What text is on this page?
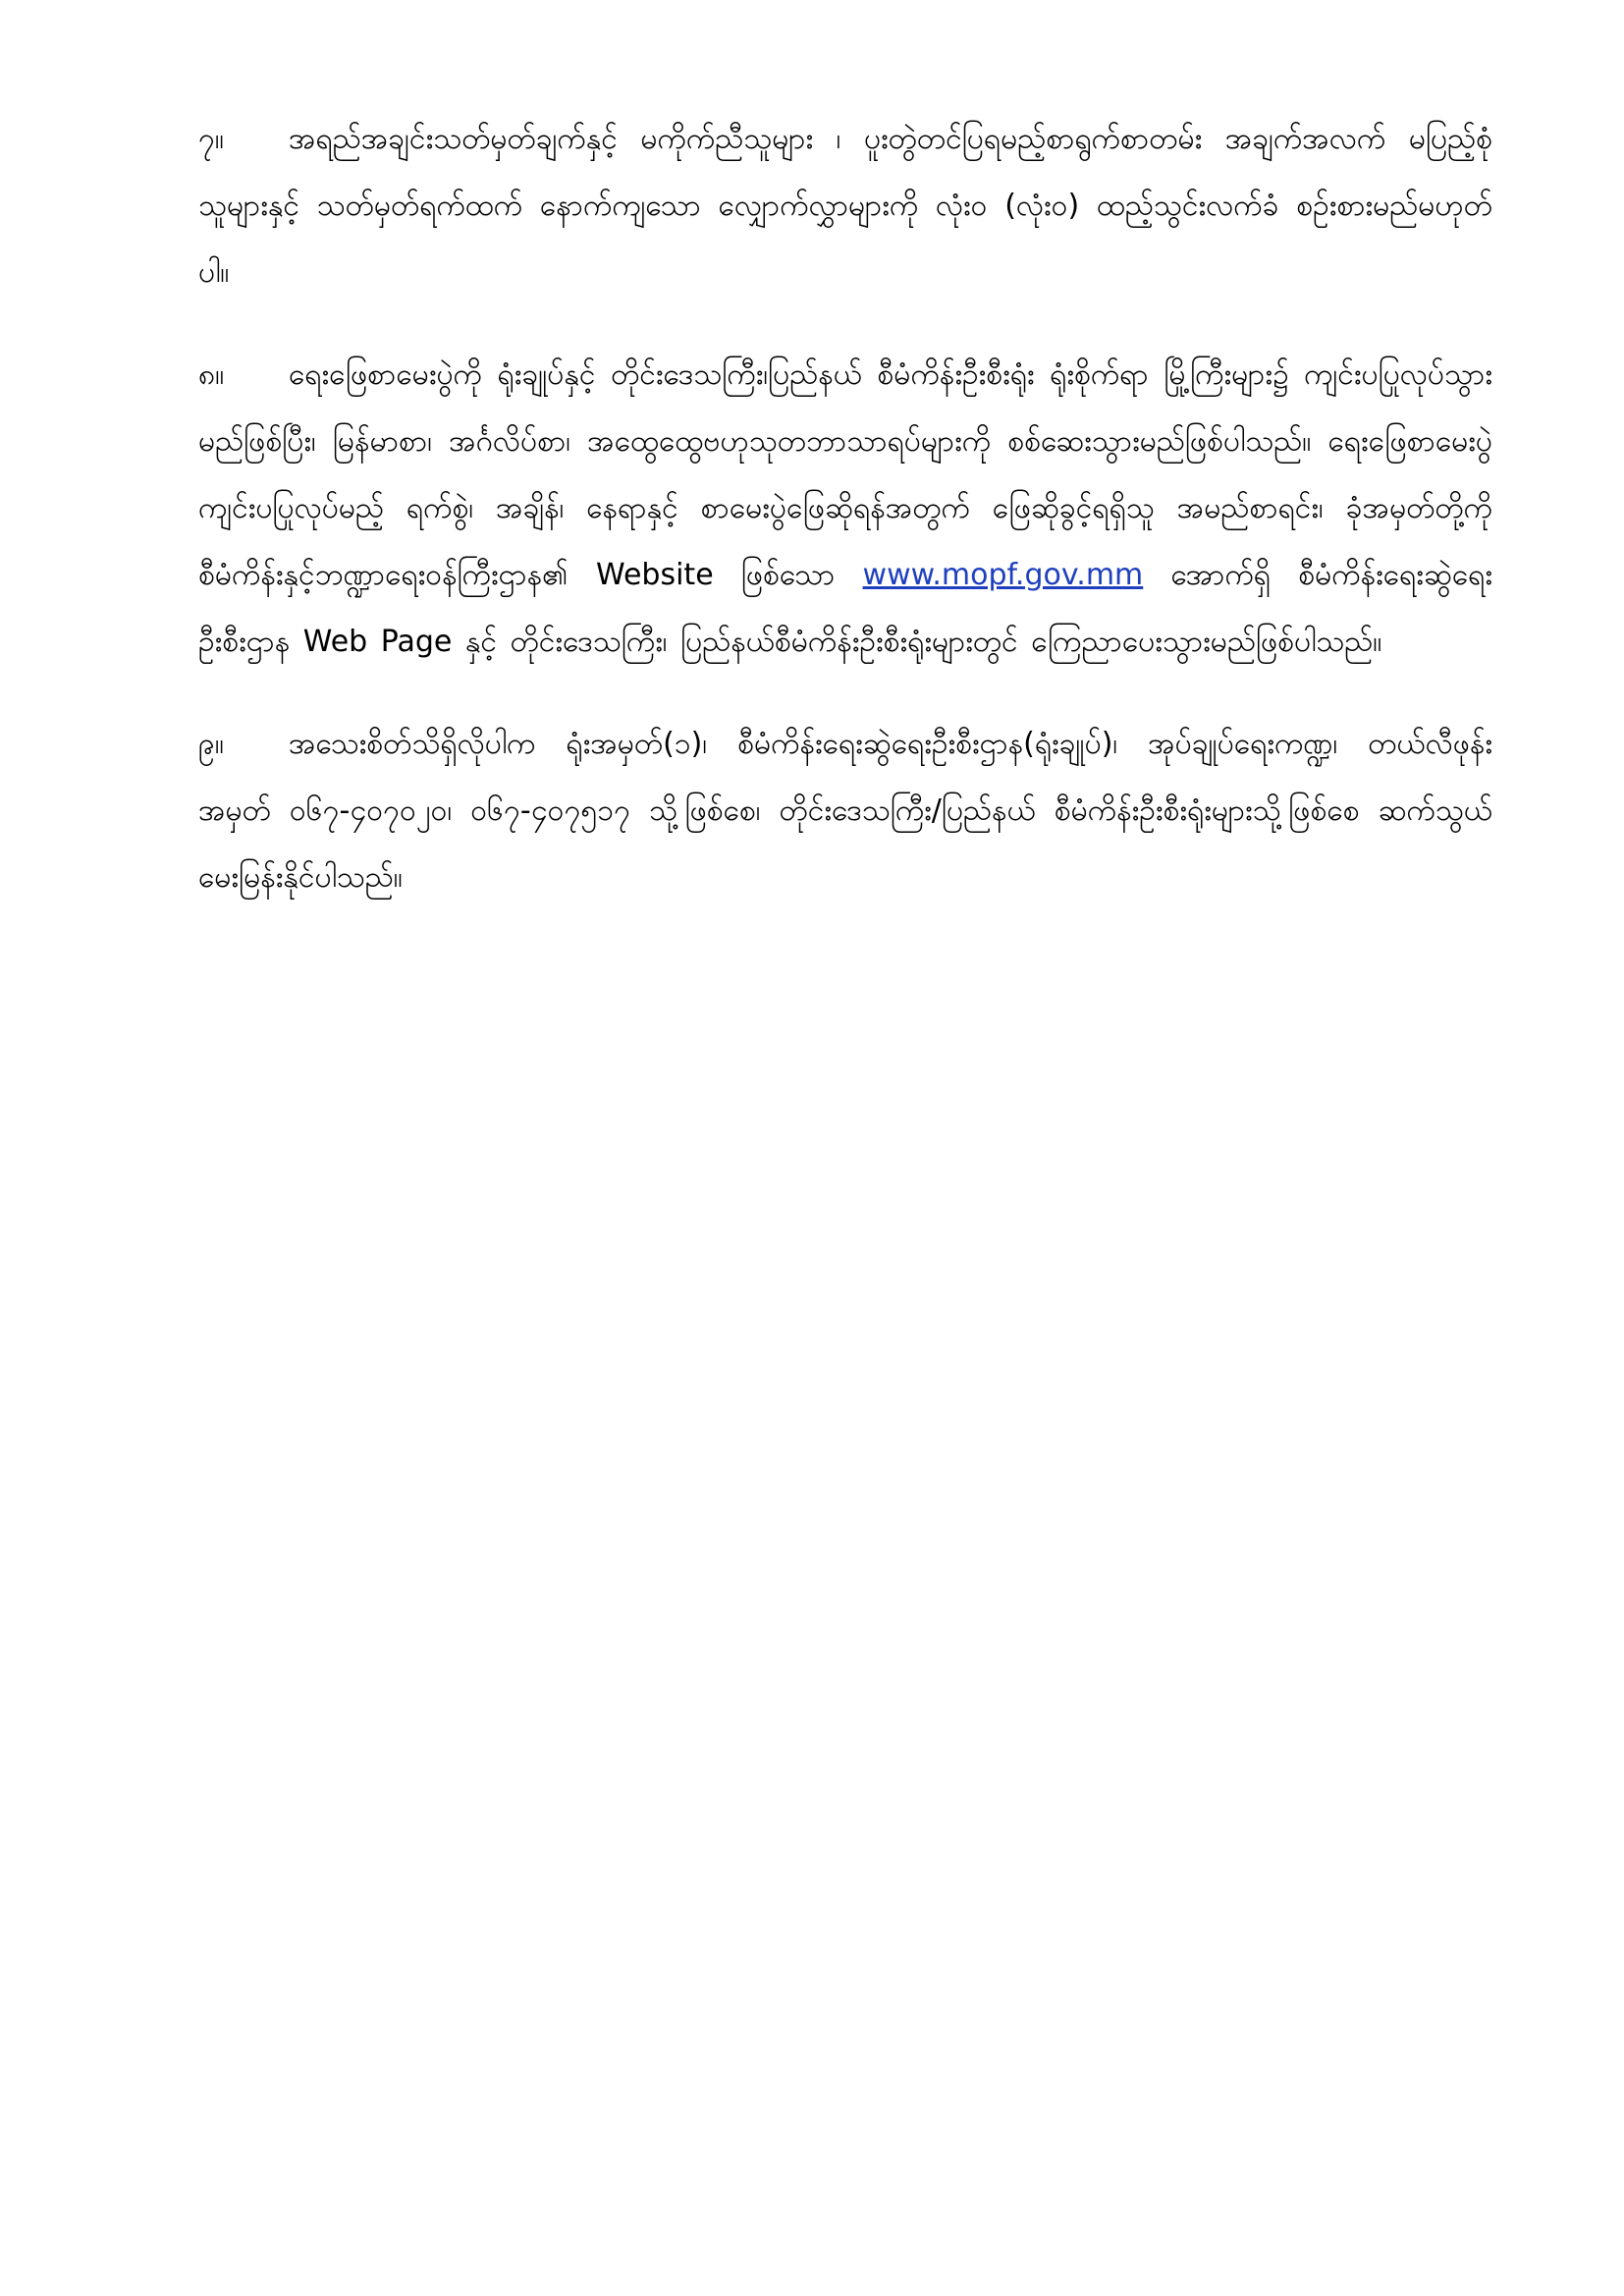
၇။ အရည်အချင်းသတ်မှတ်ချက်နှင့် မကိုက်ညီသူများ ၊ ပူးတွဲတင်ပြရမည့်စာရွက်စာတမ်း အချက်အလက် မပြည့်စုံသူများနှင့် သတ်မှတ်ရက်ထက် နောက်ကျသော လျှောက်လွှာများကို လုံး၀ (လုံး၀) ထည့်သွင်းလက်ခံ စဉ်းစားမည်မဟုတ်ပါ။

၈။ ရေးဖြေစာမေးပွဲကို ရုံးချုပ်နှင့် တိုင်းဒေသကြီး၊ပြည်နယ် စီမံကိန်းဦးစီးရုံး ရုံးစိုက်ရာ မြို့ကြီးများ၌ ကျင်းပပြုလုပ်သွားမည်ဖြစ်ပြီး၊ မြန်မာစာ၊ အင်္ဂလိပ်စာ၊ အထွေထွေဗဟုသုတဘာသာရပ်များကို စစ်ဆေးသွားမည်ဖြစ်ပါသည်။ ရေးဖြေစာမေးပွဲ ကျင်းပပြုလုပ်မည့် ရက်စွဲ၊ အချိန်၊ နေရာနှင့် စာမေးပွဲဖြေဆိုရန်အတွက် ဖြေဆိုခွင့်ရရှိသူ အမည်စာရင်း၊ ခုံအမှတ်တို့ကို စီမံကိန်းနှင့်ဘဏ္ဍာရေး၀န်ကြီးဌာန၏ Website ဖြစ်သော www.mopf.gov.mm အောက်ရှိ စီမံကိန်းရေးဆွဲရေးဦးစီးဌာန Web Page နှင့် တိုင်းဒေသကြီး၊ ပြည်နယ်စီမံကိန်းဦးစီးရုံးများတွင် ကြေညာပေးသွားမည်ဖြစ်ပါသည်။

၉။ အသေးစိတ်သိရှိလိုပါက ရုံးအမှတ်(၁)၊ စီမံကိန်းရေးဆွဲရေးဦးစီးဌာန(ရုံးချုပ်)၊ အုပ်ချုပ်ရေးကဏ္ဍ၊ တယ်လီဖုန်းအမှတ် ၀၆၇-၄၀၇၀၂၀၊ ၀၆၇-၄၀၇၅၁၇ သို့ဖြစ်စေ၊ တိုင်းဒေသကြီး/ပြည်နယ် စီမံကိန်းဦးစီးရုံးများသို့ဖြစ်စေ ဆက်သွယ် မေးမြန်းနိုင်ပါသည်။
